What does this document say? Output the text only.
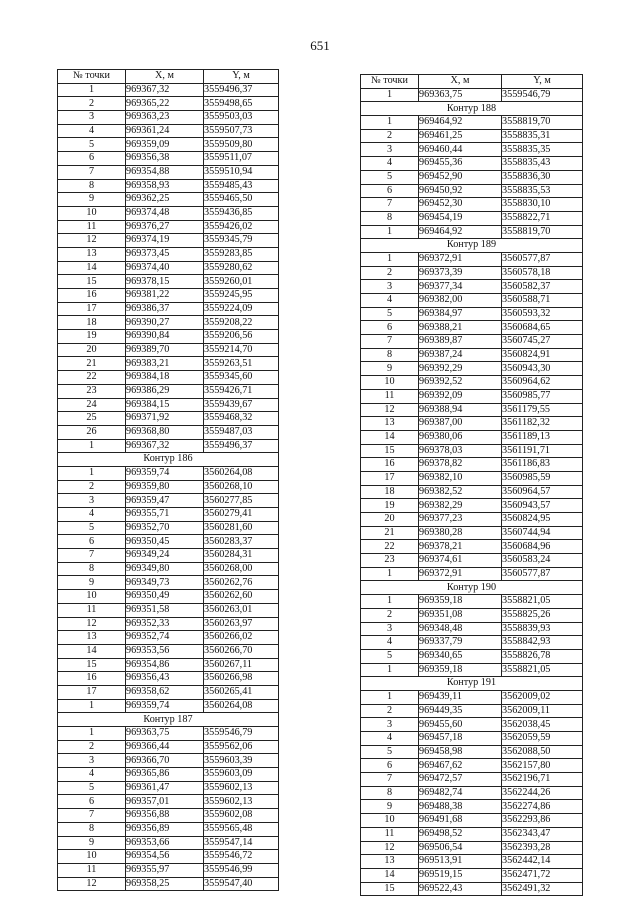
651
№ точки	X, м	Y, м
1	969367,32	3559496,37
2	969365,22	3559498,65
3	969363,23	3559503,03
4	969361,24	3559507,73
5	969359,09	3559509,80
6	969356,38	3559511,07
7	969354,88	3559510,94
8	969358,93	3559485,43
9	969362,25	3559465,50
10	969374,48	3559436,85
11	969376,27	3559426,02
12	969374,19	3559345,79
13	969373,45	3559283,85
14	969374,40	3559280,62
15	969378,15	3559260,01
16	969381,22	3559245,95
17	969386,37	3559224,09
18	969390,27	3559208,22
19	969390,84	3559206,56
20	969389,70	3559214,70
21	969383,21	3559263,51
22	969384,18	3559345,60
23	969386,29	3559426,71
24	969384,15	3559439,67
25	969371,92	3559468,32
26	969368,80	3559487,03
1	969367,32	3559496,37
Контур 186		
1	969359,74	3560264,08
2	969359,80	3560268,10
3	969359,47	3560277,85
4	969355,71	3560279,41
5	969352,70	3560281,60
6	969350,45	3560283,37
7	969349,24	3560284,31
8	969349,80	3560268,00
9	969349,73	3560262,76
10	969350,49	3560262,60
11	969351,58	3560263,01
12	969352,33	3560263,97
13	969352,74	3560266,02
14	969353,56	3560266,70
15	969354,86	3560267,11
16	969356,43	3560266,98
17	969358,62	3560265,41
1	969359,74	3560264,08
Контур 187		
1	969363,75	3559546,79
2	969366,44	3559562,06
3	969366,70	3559603,39
4	969365,86	3559603,09
5	969361,47	3559602,13
6	969357,01	3559602,13
7	969356,88	3559602,08
8	969356,89	3559565,48
9	969353,66	3559547,14
10	969354,56	3559546,72
11	969355,97	3559546,99
12	969358,25	3559547,40
№ точки	X, м	Y, м
1	969363,75	3559546,79
Контур 188		
1	969464,92	3558819,70
2	969461,25	3558835,31
3	969460,44	3558835,35
4	969455,36	3558835,43
5	969452,90	3558836,30
6	969450,92	3558835,53
7	969452,30	3558830,10
8	969454,19	3558822,71
1	969464,92	3558819,70
Контур 189		
1	969372,91	3560577,87
2	969373,39	3560578,18
3	969377,34	3560582,37
4	969382,00	3560588,71
5	969384,97	3560593,32
6	969388,21	3560684,65
7	969389,87	3560745,27
8	969387,24	3560824,91
9	969392,29	3560943,30
10	969392,52	3560964,62
11	969392,09	3560985,77
12	969388,94	3561179,55
13	969387,00	3561182,32
14	969380,06	3561189,13
15	969378,03	3561191,71
16	969378,82	3561186,83
17	969382,10	3560985,59
18	969382,52	3560964,57
19	969382,29	3560943,57
20	969377,23	3560824,95
21	969380,28	3560744,94
22	969378,21	3560684,96
23	969374,61	3560583,24
1	969372,91	3560577,87
Контур 190		
1	969359,18	3558821,05
2	969351,08	3558825,26
3	969348,48	3558839,93
4	969337,79	3558842,93
5	969340,65	3558826,78
1	969359,18	3558821,05
Контур 191		
1	969439,11	3562009,02
2	969449,35	3562009,11
3	969455,60	3562038,45
4	969457,18	3562059,59
5	969458,98	3562088,50
6	969467,62	3562157,80
7	969472,57	3562196,71
8	969482,74	3562244,26
9	969488,38	3562274,86
10	969491,68	3562293,86
11	969498,52	3562343,47
12	969506,54	3562393,28
13	969513,91	3562442,14
14	969519,15	3562471,72
15	969522,43	3562491,32
